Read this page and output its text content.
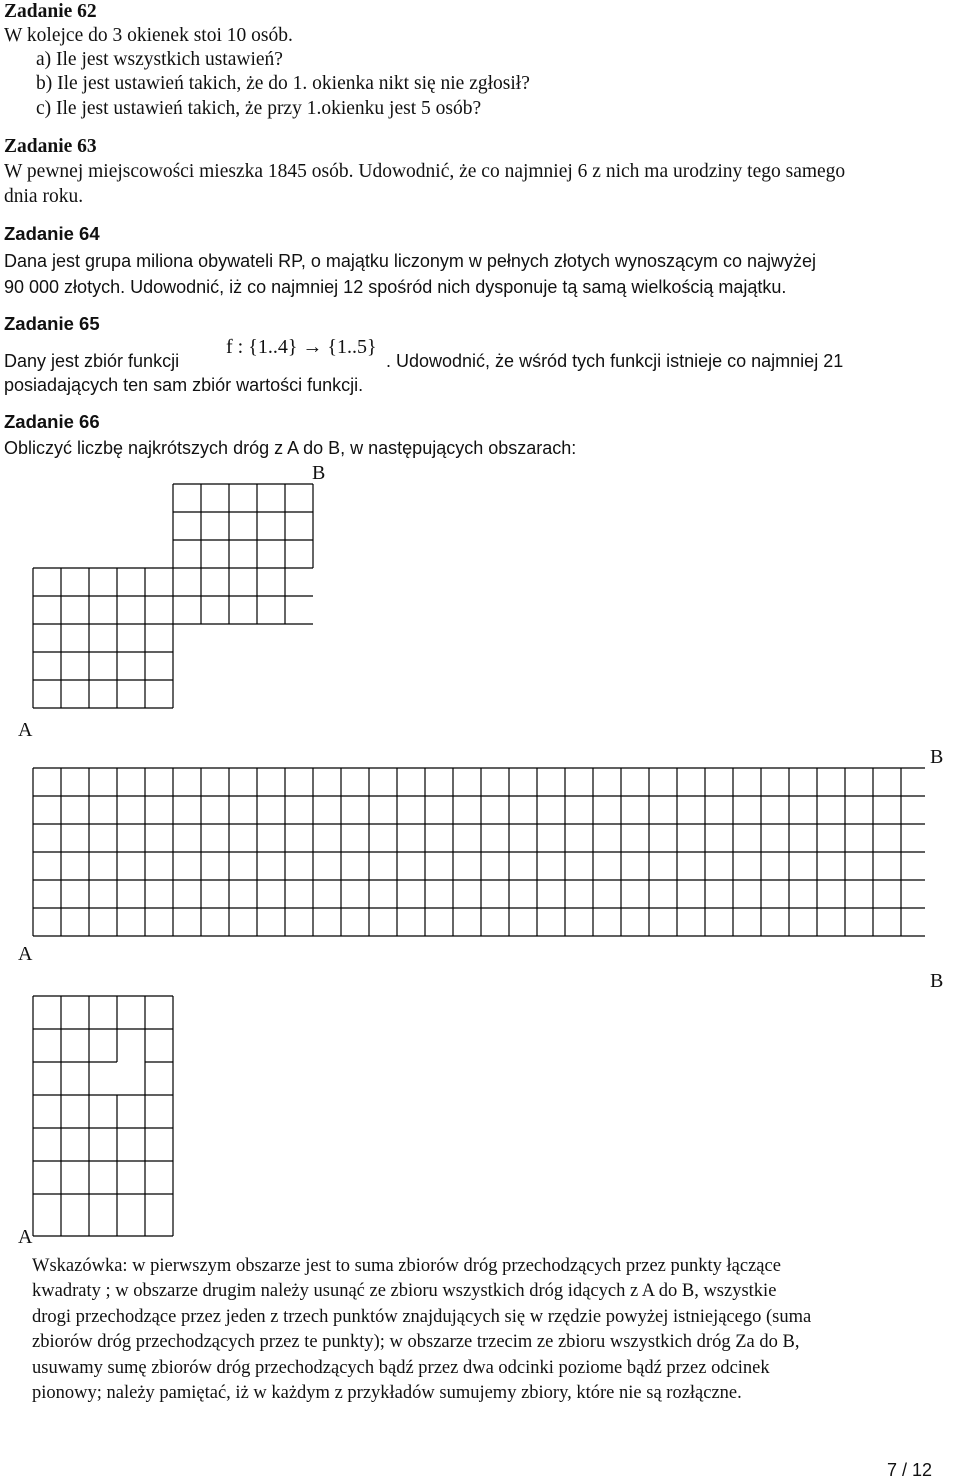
Zadanie 62
W kolejce do 3 okienek stoi 10 osób.
a) Ile jest wszystkich ustawień?
b) Ile jest ustawień takich, że do 1. okienka nikt się nie zgłosił?
c) Ile jest ustawień takich, że przy 1.okienku jest 5 osób?
Zadanie 63
W pewnej miejscowości mieszka 1845 osób. Udowodnić, że co najmniej 6 z nich ma urodziny tego samego
dnia roku.
Zadanie 64
Dana jest grupa miliona obywateli RP, o majątku liczonym w pełnych złotych wynoszącym co najwyżej
90 000 złotych. Udowodnić, iż co najmniej 12 spośród nich dysponuje tą samą wielkością majątku.
Zadanie 65
Dany jest zbiór funkcji
f : {1..4} → {1..5}
. Udowodnić, że wśród tych funkcji istnieje co najmniej 21
posiadających ten sam zbiór wartości funkcji.
Zadanie 66
Obliczyć liczbę najkrótszych dróg z A do B, w następujących obszarach:
B
A
B
A
B
A
Wskazówka: w pierwszym obszarze jest to suma zbiorów dróg przechodzących przez punkty łączące
kwadraty ; w obszarze drugim należy usunąć ze zbioru wszystkich dróg idących z A do B, wszystkie
drogi przechodzące przez jeden z trzech punktów znajdujących się w rzędzie powyżej istniejącego (suma
zbiorów dróg przechodzących przez te punkty); w obszarze trzecim ze zbioru wszystkich dróg Za do B,
usuwamy sumę zbiorów dróg przechodzących bądź przez dwa odcinki poziome bądź przez odcinek
pionowy; należy pamiętać, iż w każdym z przykładów sumujemy zbiory, które nie są rozłączne.
7 / 12
